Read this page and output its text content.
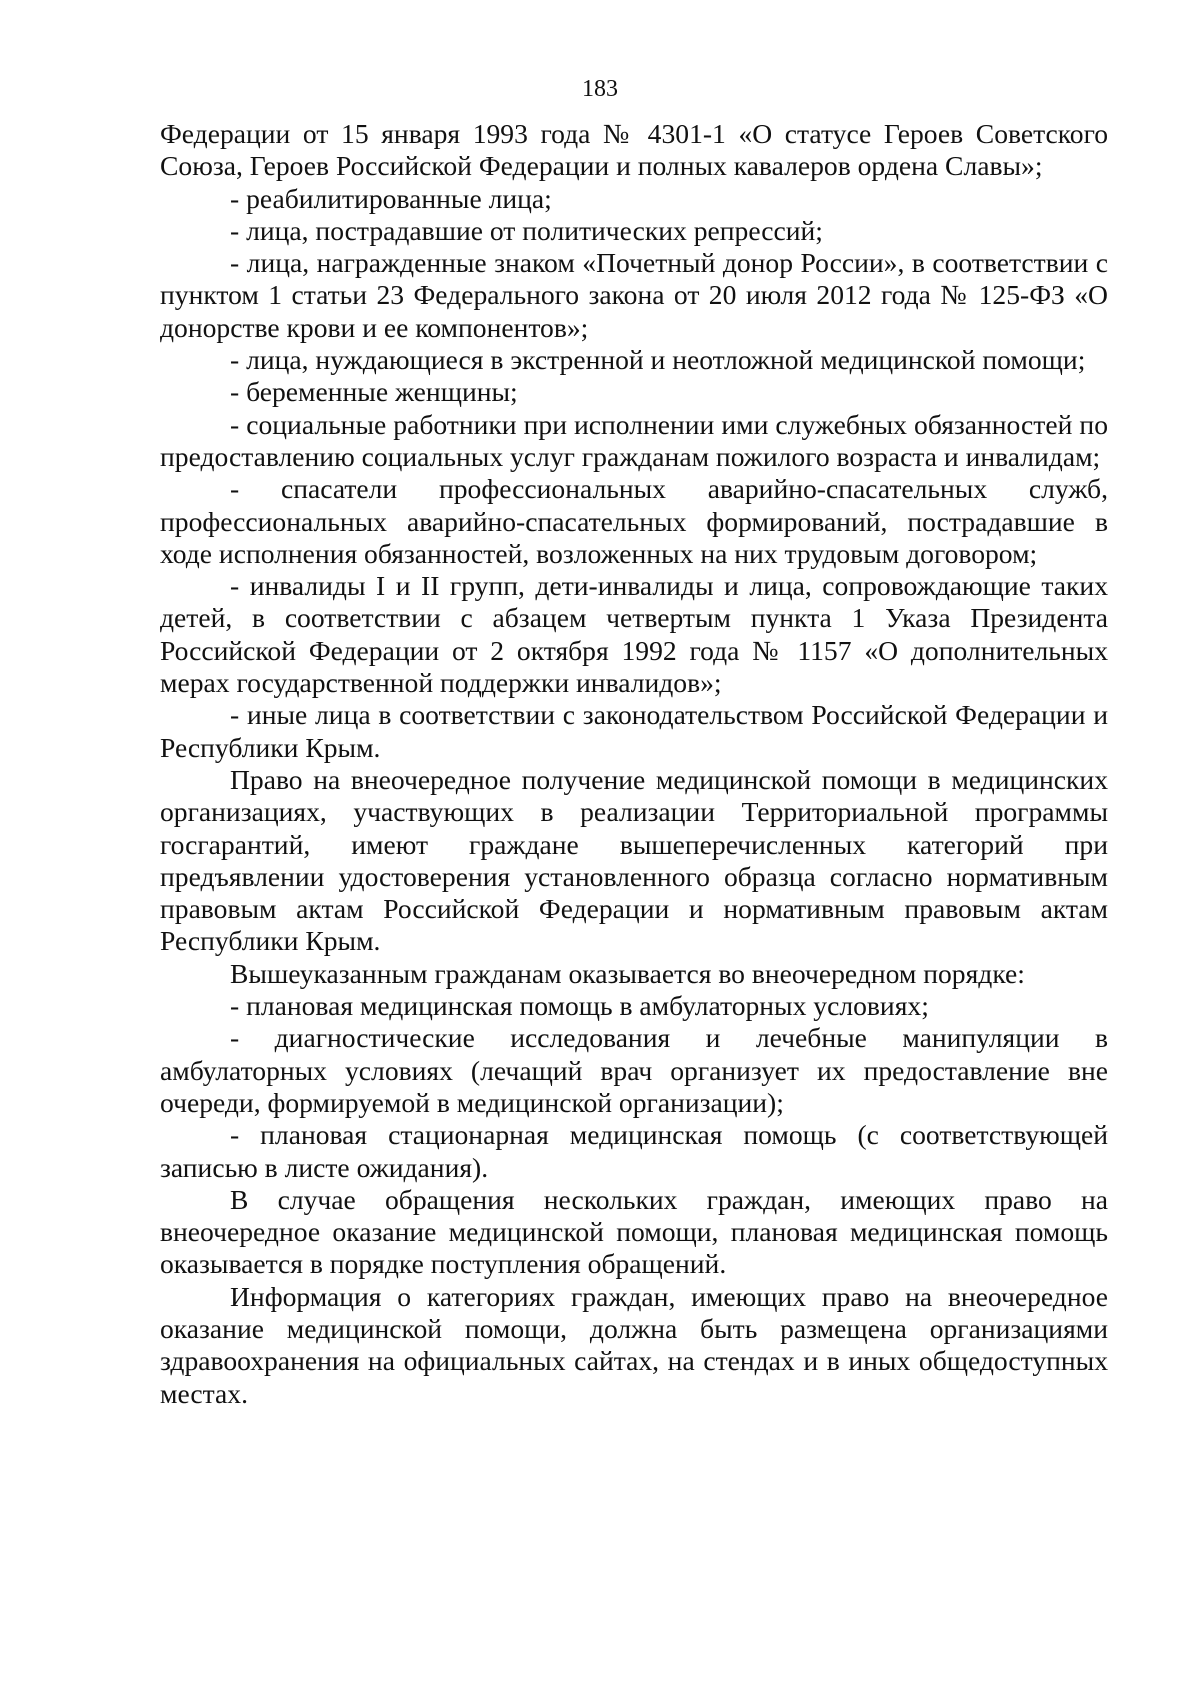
183

Федерации от 15 января 1993 года № 4301-1 «О статусе Героев Советского Союза, Героев Российской Федерации и полных кавалеров ордена Славы»;

- реабилитированные лица;

- лица, пострадавшие от политических репрессий;

- лица, награжденные знаком «Почетный донор России», в соответствии с пунктом 1 статьи 23 Федерального закона от 20 июля 2012 года № 125-ФЗ «О донорстве крови и ее компонентов»;

- лица, нуждающиеся в экстренной и неотложной медицинской помощи;

- беременные женщины;

- социальные работники при исполнении ими служебных обязанностей по предоставлению социальных услуг гражданам пожилого возраста и инвалидам;

- спасатели профессиональных аварийно-спасательных служб, профессиональных аварийно-спасательных формирований, пострадавшие в ходе исполнения обязанностей, возложенных на них трудовым договором;

- инвалиды I и II групп, дети-инвалиды и лица, сопровождающие таких детей, в соответствии с абзацем четвертым пункта 1 Указа Президента Российской Федерации от 2 октября 1992 года № 1157 «О дополнительных мерах государственной поддержки инвалидов»;

- иные лица в соответствии с законодательством Российской Федерации и Республики Крым.

Право на внеочередное получение медицинской помощи в медицинских организациях, участвующих в реализации Территориальной программы госгарантий, имеют граждане вышеперечисленных категорий при предъявлении удостоверения установленного образца согласно нормативным правовым актам Российской Федерации и нормативным правовым актам Республики Крым.

Вышеуказанным гражданам оказывается во внеочередном порядке:

- плановая медицинская помощь в амбулаторных условиях;

- диагностические исследования и лечебные манипуляции в амбулаторных условиях (лечащий врач организует их предоставление вне очереди, формируемой в медицинской организации);

- плановая стационарная медицинская помощь (с соответствующей записью в листе ожидания).

В случае обращения нескольких граждан, имеющих право на внеочередное оказание медицинской помощи, плановая медицинская помощь оказывается в порядке поступления обращений.

Информация о категориях граждан, имеющих право на внеочередное оказание медицинской помощи, должна быть размещена организациями здравоохранения на официальных сайтах, на стендах и в иных общедоступных местах.
